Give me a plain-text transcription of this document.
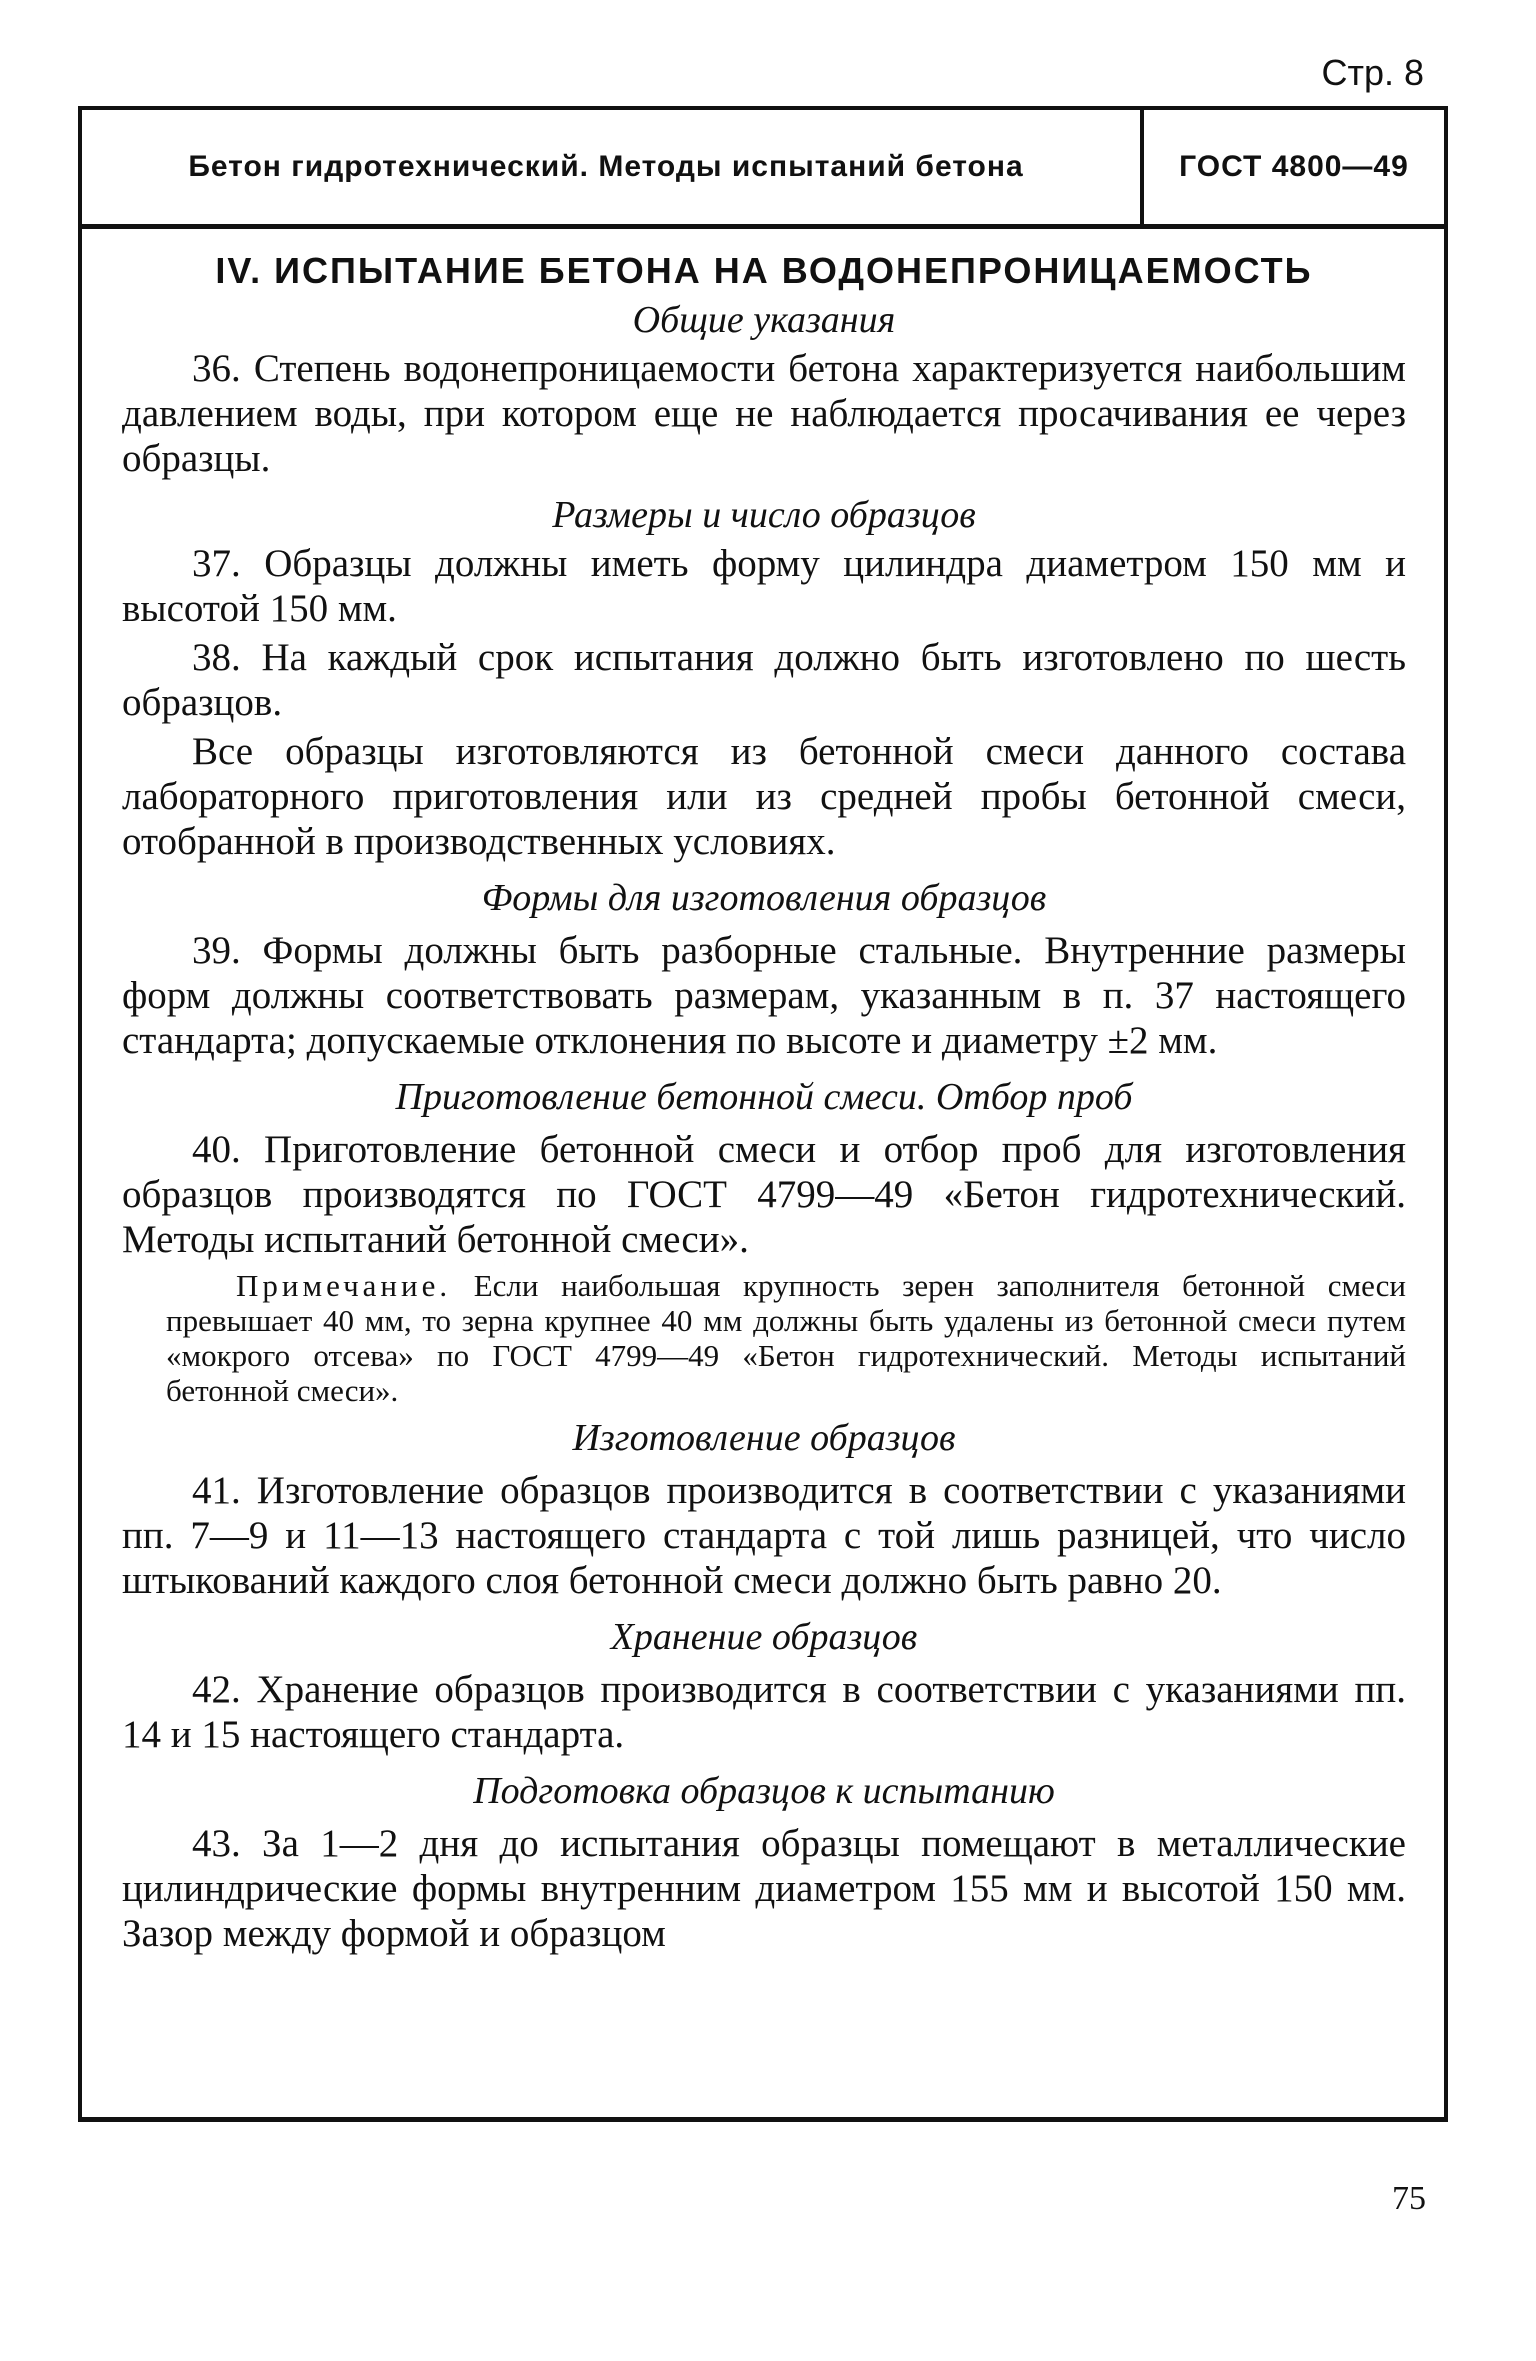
Стр. 8
Бетон гидротехнический. Методы испытаний бетона	ГОСТ 4800—49
IV. ИСПЫТАНИЕ БЕТОНА НА ВОДОНЕПРОНИЦАЕМОСТЬ
Общие указания

36. Степень водонепроницаемости бетона характеризуется наибольшим давлением воды, при котором еще не наблюдается просачивания ее через образцы.

Размеры и число образцов

37. Образцы должны иметь форму цилиндра диаметром 150 мм и высотой 150 мм.

38. На каждый срок испытания должно быть изготовлено по шесть образцов.

Все образцы изготовляются из бетонной смеси данного состава лабораторного приготовления или из средней пробы бетонной смеси, отобранной в производственных условиях.

Формы для изготовления образцов

39. Формы должны быть разборные стальные. Внутренние размеры форм должны соответствовать размерам, указанным в п. 37 настоящего стандарта; допускаемые отклонения по высоте и диаметру ±2 мм.

Приготовление бетонной смеси. Отбор проб

40. Приготовление бетонной смеси и отбор проб для изготовления образцов производятся по ГОСТ 4799—49 «Бетон гидротехнический. Методы испытаний бетонной смеси».

Примечание. Если наибольшая крупность зерен заполнителя бетонной смеси превышает 40 мм, то зерна крупнее 40 мм должны быть удалены из бетонной смеси путем «мокрого отсева» по ГОСТ 4799—49 «Бетон гидротехнический. Методы испытаний бетонной смеси».

Изготовление образцов

41. Изготовление образцов производится в соответствии с указаниями пп. 7—9 и 11—13 настоящего стандарта с той лишь разницей, что число штыкований каждого слоя бетонной смеси должно быть равно 20.

Хранение образцов

42. Хранение образцов производится в соответствии с указаниями пп. 14 и 15 настоящего стандарта.

Подготовка образцов к испытанию

43. За 1—2 дня до испытания образцы помещают в металлические цилиндрические формы внутренним диаметром 155 мм и высотой 150 мм. Зазор между формой и образцом

75
